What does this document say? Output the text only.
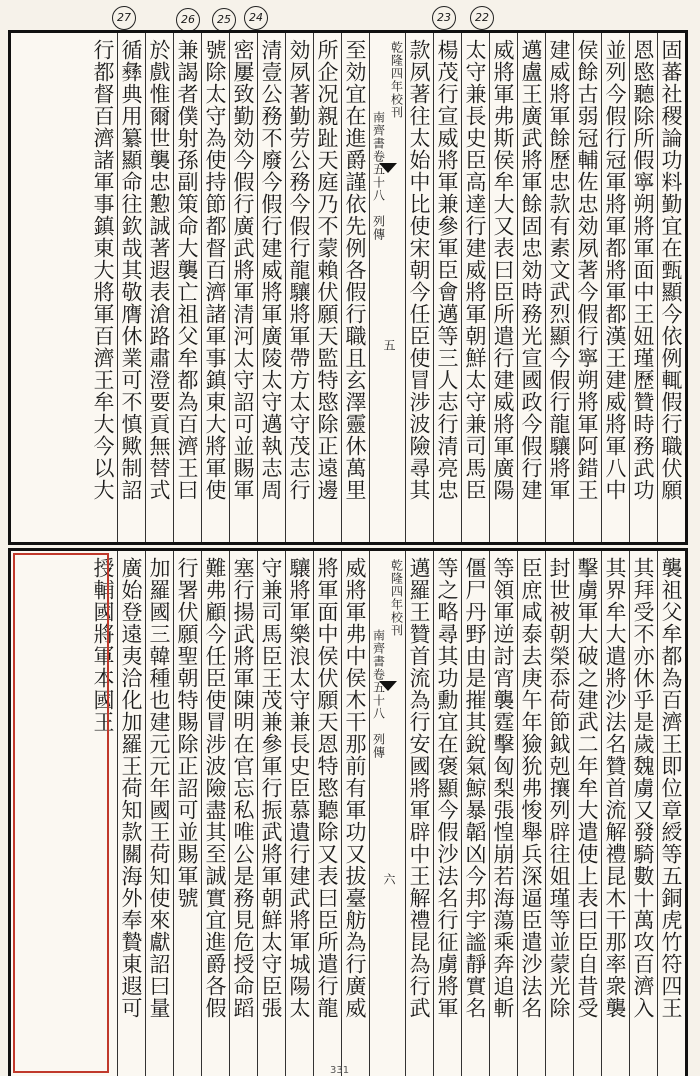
27	26	25	24	23	22
固蕃社稷論功料勤宜在甄顯今依例輒假行職伏願
恩愍聽除所假寧朔將軍面中王妞瑾歷贊時務武功
並列今假行冠軍將軍都將軍都漢王建威將軍八中
侯餘古弱冠輔佐忠効夙著今假行寧朔將軍阿錯王
建威將軍餘歷忠款有素文武烈顯今假行龍驤將軍
邁盧王廣武將軍餘固忠効時務光宣國政今假行建
威將軍弗斯侯牟大又表曰臣所遣行建威將軍廣陽
太守兼長史臣高達行建威將軍朝鮮太守兼司馬臣
楊茂行宣威將軍兼參軍臣會邁等三人志行清亮忠
款夙著往太始中比使宋朝今任臣使冒涉波險尋其
乾隆四年校刊
南齊書卷五十八　列傳
五
至効宜在進爵謹依先例各假行職且玄澤靈休萬里
所企况親趾天庭乃不蒙賴伏願天監特愍除正遠邊
効夙著勤劳公務今假行龍驤將軍帶方太守茂志行
清壹公務不廢今假行建威將軍廣陵太守邁執志周
密屢致勤効今假行廣武將軍清河太守詔可並賜軍
號除太守為使持節都督百濟諸軍事鎮東大將軍使
兼謁者僕射孫副策命大襲亡祖父牟都為百濟王曰
於戲惟爾世襲忠懃誠著遐表滄路肅澄要貢無替式
循彝典用纂顯命往欽哉其敬膺休業可不慎歟制詔
行都督百濟諸軍事鎮東大將軍百濟王牟大今以大
襲祖父牟都為百濟王即位章綬等五銅虎竹符四王
其拜受不亦休乎是歲魏虜又發騎數十萬攻百濟入
其界牟大遣將沙法名贊首流解禮昆木干那率衆襲
擊虜軍大破之建武二年牟大遣使上表曰臣自昔受
封世被朝榮忝荷節鉞剋攘列辟往姐瑾等並蒙光除
臣庶咸泰去庚午年獫狁弗悛舉兵深逼臣遣沙法名
等領軍逆討宵襲霆擊匈梨張惶崩若海蕩乘奔追斬
僵尸丹野由是摧其銳氣鯨暴韜凶今邦宇謐靜實名
等之略尋其功勳宜在褒顯今假沙法名行征虜將軍
邁羅王贊首流為行安國將軍辟中王解禮昆為行武
乾隆四年校刊
南齊書卷五十八　列傳
六
威將軍弗中侯木干那前有軍功又拔臺舫為行廣威
將軍面中侯伏願天恩特愍聽除又表曰臣所遣行龍
驤將軍樂浪太守兼長史臣慕遺行建武將軍城陽太
守兼司馬臣王茂兼參軍行振武將軍朝鮮太守臣張
塞行揚武將軍陳明在官忘私唯公是務見危授命蹈
難弗顧今任臣使冒涉波險盡其至誠實宜進爵各假
行署伏願聖朝特賜除正詔可並賜軍號
加羅國三韓種也建元元年國王荷知使來獻詔曰量
廣始登遠夷洽化加羅王荷知款關海外奉贄東遐可
授輔國將軍本國王
331
